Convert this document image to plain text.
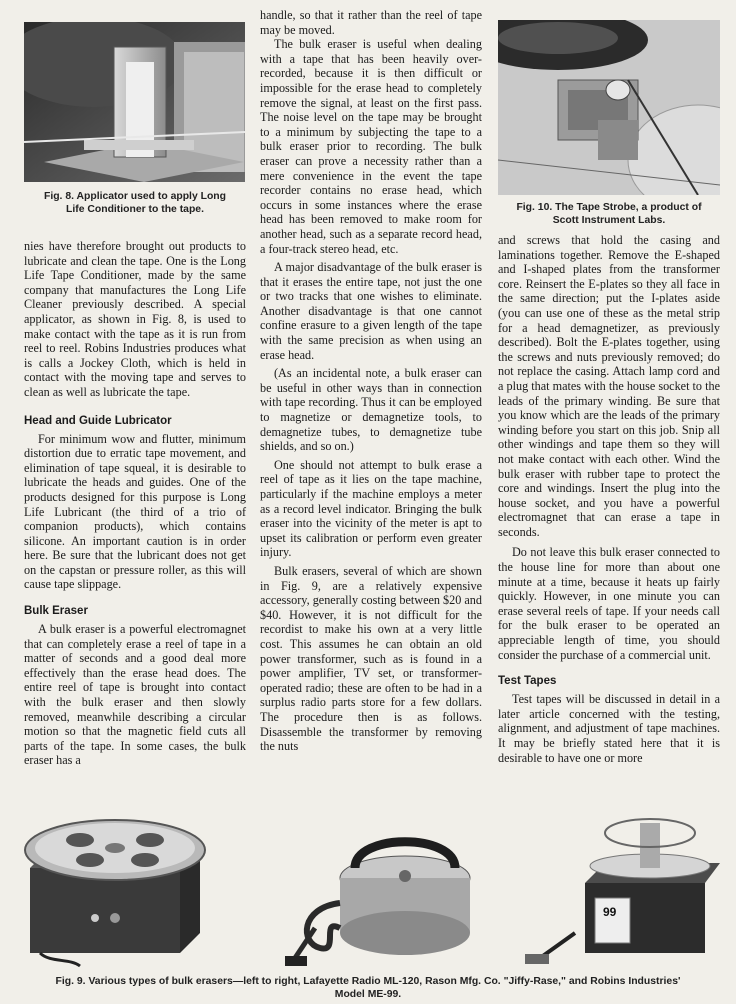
Fig. 8. Applicator used to apply Long
Life Conditioner to the tape.	Fig. 10. The Tape Strobe, a product of
Scott Instrument Labs.

nies have therefore brought out products to lubricate and clean the tape. One is the Long Life Tape Conditioner, made by the same company that manufactures the Long Life Cleaner previously described. A special applicator, as shown in Fig. 8, is used to make contact with the tape as it is run from reel to reel. Robins Industries produces what is calls a Jockey Cloth, which is held in contact with the moving tape and serves to clean as well as lubricate the tape.

Head and Guide Lubricator

For minimum wow and flutter, minimum distortion due to erratic tape movement, and elimination of tape squeal, it is desirable to lubricate the heads and guides. One of the products designed for this purpose is Long Life Lubricant (the third of a trio of companion products), which contains silicone. An important caution is in order here. Be sure that the lubricant does not get on the capstan or pressure roller, as this will cause tape slippage.

Bulk Eraser

A bulk eraser is a powerful electromagnet that can completely erase a reel of tape in a matter of seconds and a good deal more effectively than the erase head does. The entire reel of tape is brought into contact with the bulk eraser and then slowly removed, meanwhile describing a circular motion so that the magnetic field cuts all parts of the tape. In some cases, the bulk eraser has a

handle, so that it rather than the reel of tape may be moved.

The bulk eraser is useful when dealing with a tape that has been heavily over-recorded, because it is then difficult or impossible for the erase head to completely remove the signal, at least on the first pass. The noise level on the tape may be brought to a minimum by subjecting the tape to a bulk eraser prior to recording. The bulk eraser can prove a necessity rather than a mere convenience in the event the tape recorder contains no erase head, which occurs in some instances where the erase head has been removed to make room for another head, such as a separate record head, a four-track stereo head, etc.

A major disadvantage of the bulk eraser is that it erases the entire tape, not just the one or two tracks that one wishes to eliminate. Another disadvantage is that one cannot confine erasure to a given length of the tape with the same precision as when using an erase head.

(As an incidental note, a bulk eraser can be useful in other ways than in connection with tape recording. Thus it can be employed to magnetize or demagnetize tools, to demagnetize tubes, to demagnetize tube shields, and so on.)

One should not attempt to bulk erase a reel of tape as it lies on the tape machine, particularly if the machine employs a meter as a record level indicator. Bringing the bulk eraser into the vicinity of the meter is apt to upset its calibration or perform even greater injury.

Bulk erasers, several of which are shown in Fig. 9, are a relatively expensive accessory, generally costing between $20 and $40. However, it is not difficult for the recordist to make his own at a very little cost. This assumes he can obtain an old power transformer, such as is found in a power amplifier, TV set, or transformer-operated radio; these are often to be had in a surplus radio parts store for a few dollars. The procedure then is as follows. Disassemble the transformer by removing the nuts

and screws that hold the casing and laminations together. Remove the E-shaped and I-shaped plates from the transformer core. Reinsert the E-plates so they all face in the same direction; put the I-plates aside (you can use one of these as the metal strip for a head demagnetizer, as previously described). Bolt the E-plates together, using the screws and nuts previously removed; do not replace the casing. Attach lamp cord and a plug that mates with the house socket to the leads of the primary winding. Be sure that you know which are the leads of the primary winding before you start on this job. Snip all other windings and tape them so they will not make contact with each other. Wind the bulk eraser with rubber tape to protect the core and windings. Insert the plug into the house socket, and you have a powerful electromagnet that can erase a tape in seconds.

Do not leave this bulk eraser connected to the house line for more than about one minute at a time, because it heats up fairly quickly. However, in one minute you can erase several reels of tape. If your needs call for the bulk eraser to be operated an appreciable length of time, you should consider the purchase of a commercial unit.

Test Tapes

Test tapes will be discussed in detail in a later article concerned with the testing, alignment, and adjustment of tape machines. It may be briefly stated here that it is desirable to have one or more

99
Fig. 9. Various types of bulk erasers—left to right, Lafayette Radio ML-120, Rason Mfg. Co. "Jiffy-Rase," and Robins Industries'
Model ME-99.
